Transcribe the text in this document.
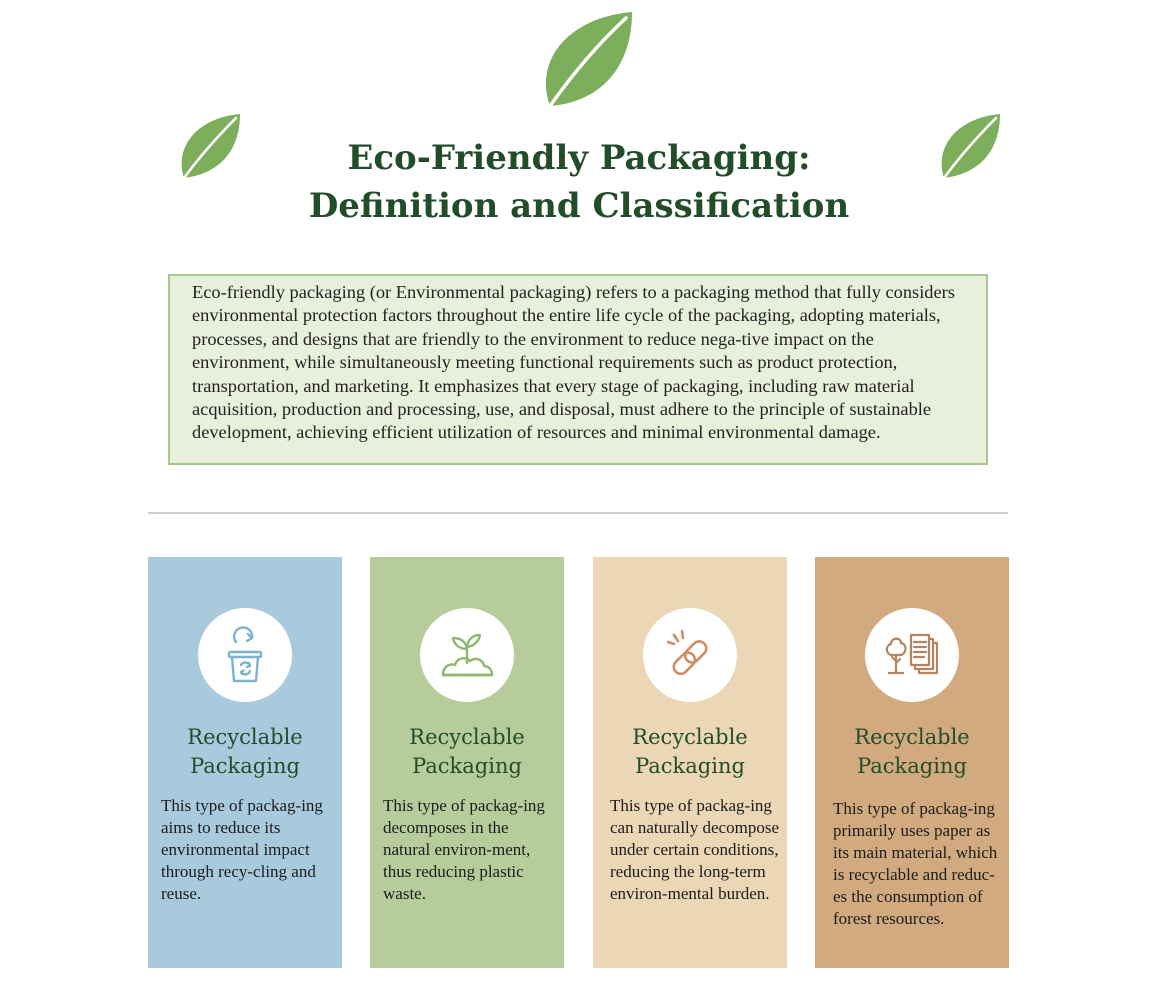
Eco-Friendly Packaging:
Definition and Classification
Eco-friendly packaging (or Environmental packaging) refers to a packaging method that fully considers environmental protection factors throughout the entire life cycle of the packaging, adopting materials, processes, and designs that are friendly to the environment to reduce nega-tive impact on the environment, while simultaneously meeting functional requirements such as product protection, transportation, and marketing. It emphasizes that every stage of packaging, including raw material acquisition, production and processing, use, and disposal, must adhere to the principle of sustainable development, achieving efficient utilization of resources and minimal environmental damage.
Recyclable Packaging
This type of packag-ing aims to reduce its environmental impact through recy-cling and reuse.
Recyclable Packaging
This type of packag-ing decomposes in the natural environ-ment, thus reducing plastic waste.
Recyclable Packaging
This type of packag-ing can naturally decompose under certain conditions, reducing the long-term environ-mental burden.
Recyclable Packaging
This type of packag-ing primarily uses paper as its main material, which is recyclable and reduc-es the consumption of forest resources.
